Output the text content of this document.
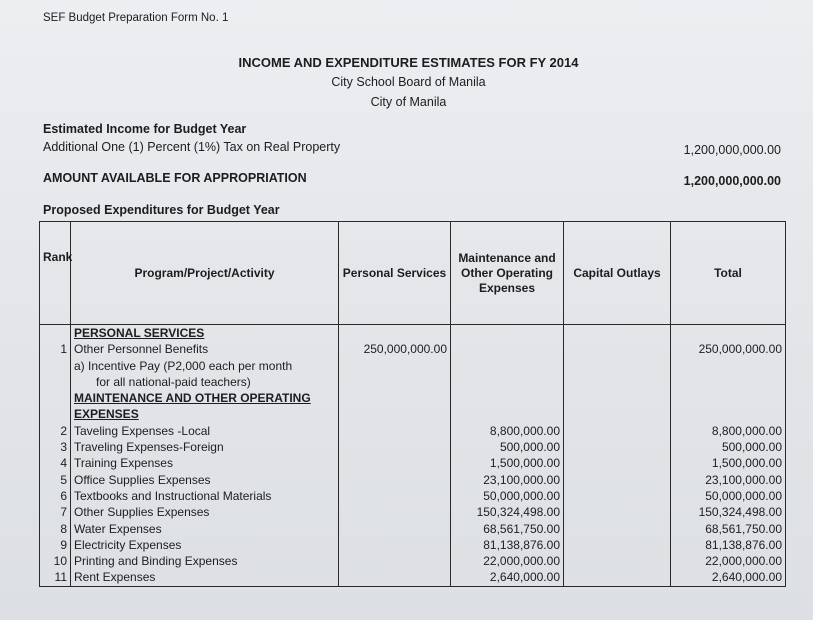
SEF Budget Preparation Form No. 1
INCOME AND EXPENDITURE ESTIMATES FOR FY 2014
City School Board of Manila
City of Manila
Estimated Income for Budget Year
Additional One (1) Percent (1%) Tax on Real Property	1,200,000,000.00
AMOUNT AVAILABLE FOR APPROPRIATION	1,200,000,000.00
Proposed Expenditures for Budget Year
Rank	Program/Project/Activity	Personal Services	Maintenance and Other Operating Expenses	Capital Outlays	Total
	PERSONAL SERVICES				
1	Other Personnel Benefits	250,000,000.00			250,000,000.00
	a) Incentive Pay (P2,000 each per month				
	for all national-paid teachers)				
	MAINTENANCE AND OTHER OPERATING				
	EXPENSES				
2	Taveling Expenses -Local		8,800,000.00		8,800,000.00
3	Traveling Expenses-Foreign		500,000.00		500,000.00
4	Training Expenses		1,500,000.00		1,500,000.00
5	Office Supplies Expenses		23,100,000.00		23,100,000.00
6	Textbooks and Instructional Materials		50,000,000.00		50,000,000.00
7	Other Supplies Expenses		150,324,498.00		150,324,498.00
8	Water Expenses		68,561,750.00		68,561,750.00
9	Electricity Expenses		81,138,876.00		81,138,876.00
10	Printing and Binding Expenses		22,000,000.00		22,000,000.00
11	Rent Expenses		2,640,000.00		2,640,000.00
